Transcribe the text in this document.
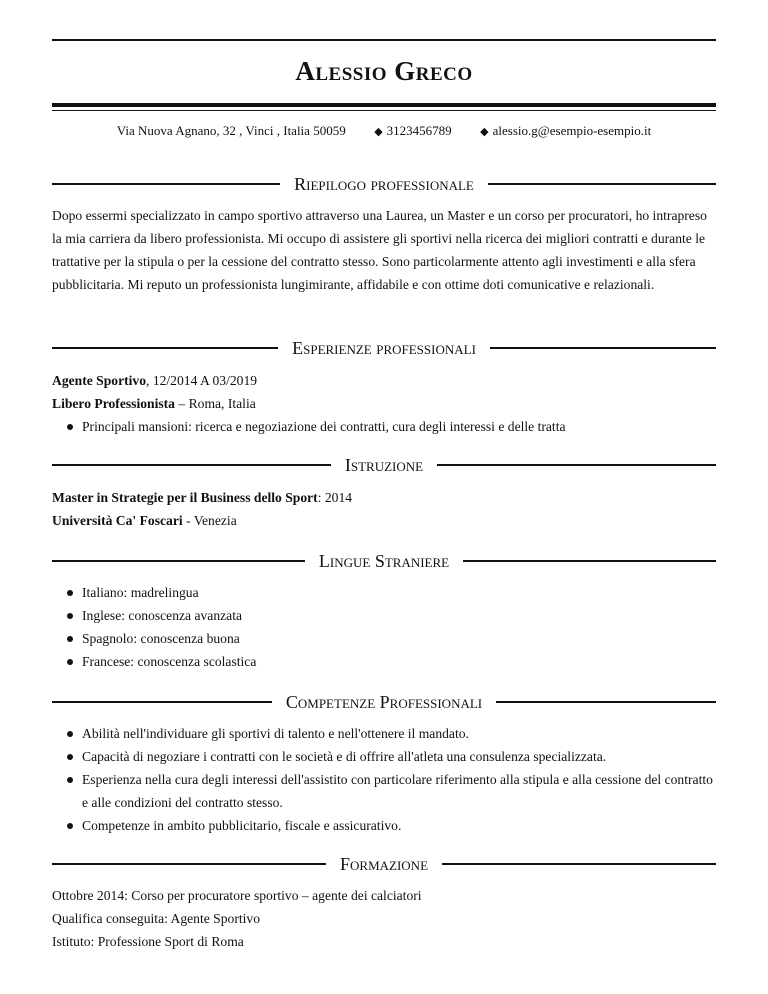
Alessio Greco
Via Nuova Agnano, 32 , Vinci , Italia 50059	◆ 3123456789	◆ alessio.g@esempio-esempio.it
Riepilogo professionale
Dopo essermi specializzato in campo sportivo attraverso una Laurea, un Master e un corso per procuratori, ho intrapreso la mia carriera da libero professionista. Mi occupo di assistere gli sportivi nella ricerca dei migliori contratti e durante le trattative per la stipula o per la cessione del contratto stesso. Sono particolarmente attento agli investimenti e alla sfera pubblicitaria. Mi reputo un professionista lungimirante, affidabile e con ottime doti comunicative e relazionali.
Esperienze professionali
Agente Sportivo, 12/2014 A 03/2019
Libero Professionista – Roma, Italia
Principali mansioni: ricerca e negoziazione dei contratti, cura degli interessi e delle tratta
Istruzione
Master in Strategie per il Business dello Sport: 2014
Università Ca' Foscari - Venezia
Lingue Straniere
Italiano: madrelingua
Inglese: conoscenza avanzata
Spagnolo: conoscenza buona
Francese: conoscenza scolastica
Competenze Professionali
Abilità nell'individuare gli sportivi di talento e nell'ottenere il mandato.
Capacità di negoziare i contratti con le società e di offrire all'atleta una consulenza specializzata.
Esperienza nella cura degli interessi dell'assistito con particolare riferimento alla stipula e alla cessione del contratto e alle condizioni del contratto stesso.
Competenze in ambito pubblicitario, fiscale e assicurativo.
Formazione
Ottobre 2014: Corso per procuratore sportivo – agente dei calciatori
Qualifica conseguita: Agente Sportivo
Istituto: Professione Sport di Roma
